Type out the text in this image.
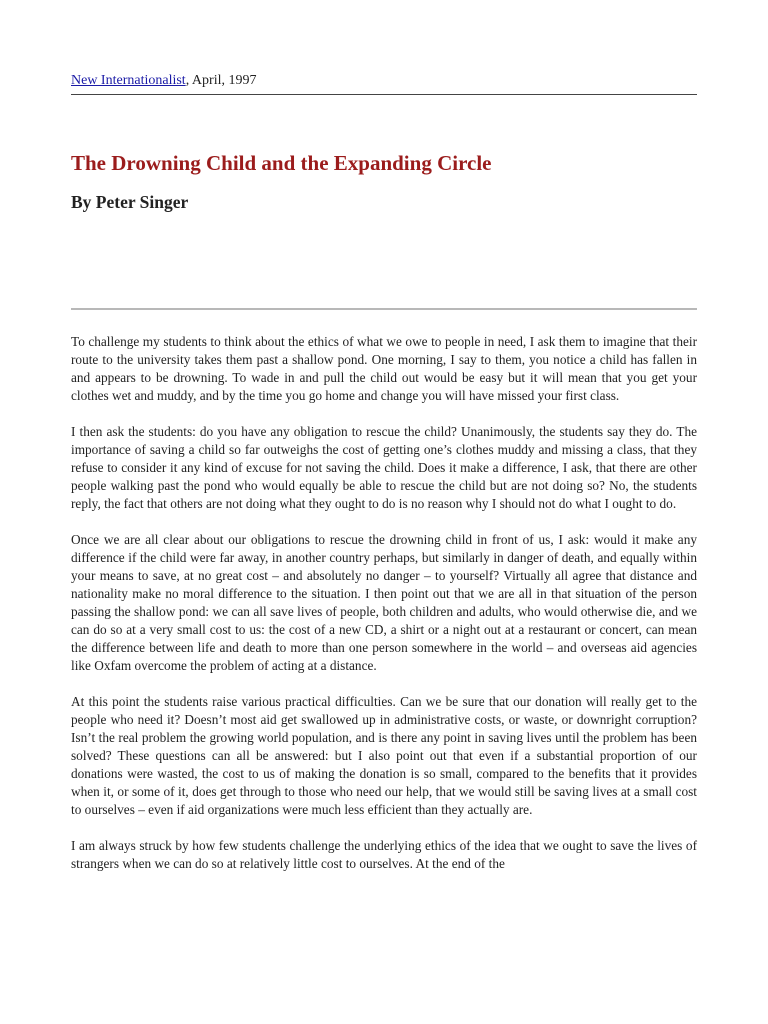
New Internationalist, April, 1997
The Drowning Child and the Expanding Circle
By Peter Singer

To challenge my students to think about the ethics of what we owe to people in need, I ask them to imagine that their route to the university takes them past a shallow pond. One morning, I say to them, you notice a child has fallen in and appears to be drowning. To wade in and pull the child out would be easy but it will mean that you get your clothes wet and muddy, and by the time you go home and change you will have missed your first class.

I then ask the students: do you have any obligation to rescue the child? Unanimously, the students say they do. The importance of saving a child so far outweighs the cost of getting one’s clothes muddy and missing a class, that they refuse to consider it any kind of excuse for not saving the child. Does it make a difference, I ask, that there are other people walking past the pond who would equally be able to rescue the child but are not doing so? No, the students reply, the fact that others are not doing what they ought to do is no reason why I should not do what I ought to do.

Once we are all clear about our obligations to rescue the drowning child in front of us, I ask: would it make any difference if the child were far away, in another country perhaps, but similarly in danger of death, and equally within your means to save, at no great cost – and absolutely no danger – to yourself? Virtually all agree that distance and nationality make no moral difference to the situation. I then point out that we are all in that situation of the person passing the shallow pond: we can all save lives of people, both children and adults, who would otherwise die, and we can do so at a very small cost to us: the cost of a new CD, a shirt or a night out at a restaurant or concert, can mean the difference between life and death to more than one person somewhere in the world – and overseas aid agencies like Oxfam overcome the problem of acting at a distance.

At this point the students raise various practical difficulties. Can we be sure that our donation will really get to the people who need it? Doesn’t most aid get swallowed up in administrative costs, or waste, or downright corruption? Isn’t the real problem the growing world population, and is there any point in saving lives until the problem has been solved? These questions can all be answered: but I also point out that even if a substantial proportion of our donations were wasted, the cost to us of making the donation is so small, compared to the benefits that it provides when it, or some of it, does get through to those who need our help, that we would still be saving lives at a small cost to ourselves – even if aid organizations were much less efficient than they actually are.

I am always struck by how few students challenge the underlying ethics of the idea that we ought to save the lives of strangers when we can do so at relatively little cost to ourselves. At the end of the
